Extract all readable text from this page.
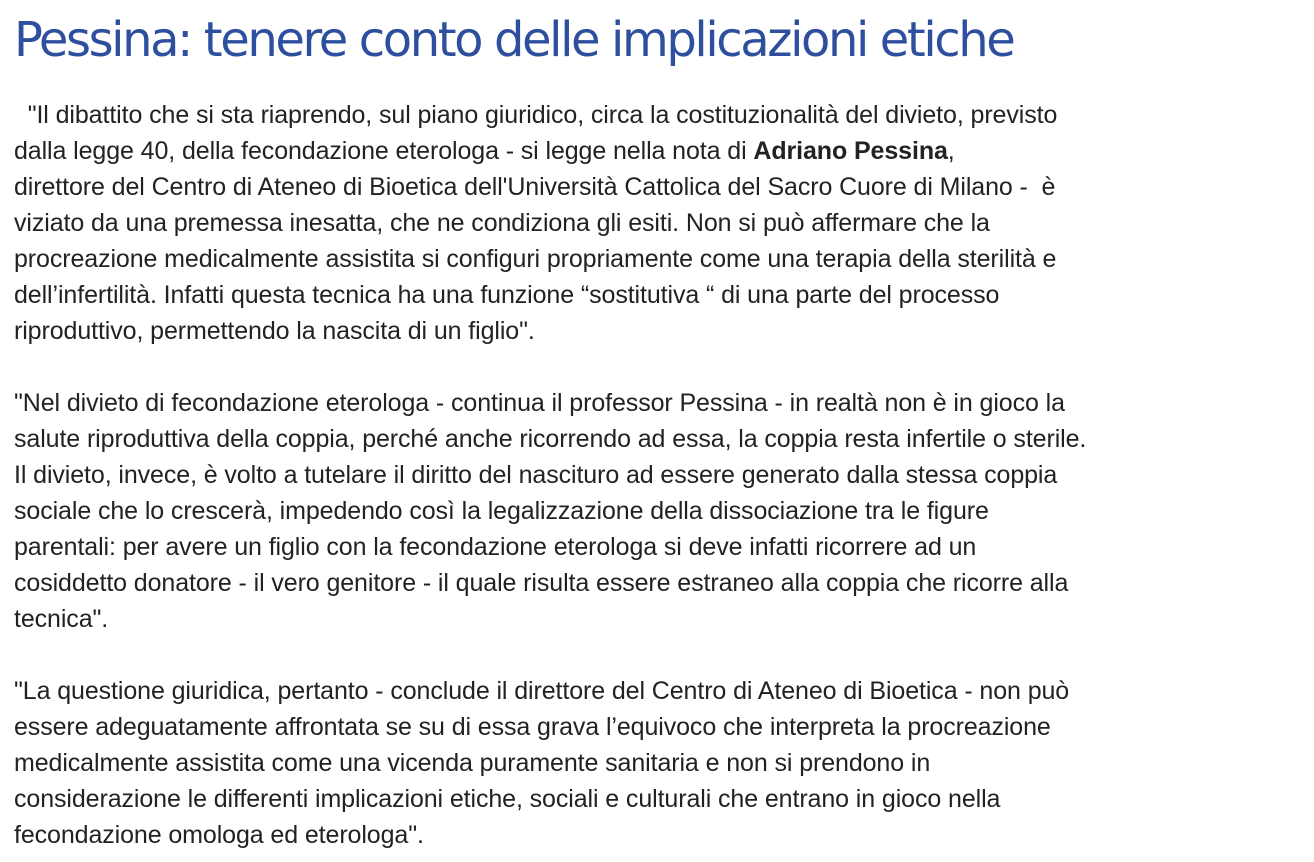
Pessina: tenere conto delle implicazioni etiche

"Il dibattito che si sta riaprendo, sul piano giuridico, circa la costituzionalità del divieto, previsto
dalla legge 40, della fecondazione eterologa - si legge nella nota di Adriano Pessina,
direttore del Centro di Ateneo di Bioetica dell'Università Cattolica del Sacro Cuore di Milano -  è
viziato da una premessa inesatta, che ne condiziona gli esiti. Non si può affermare che la
procreazione medicalmente assistita si configuri propriamente come una terapia della sterilità e
dell’infertilità. Infatti questa tecnica ha una funzione “sostitutiva “ di una parte del processo
riproduttivo, permettendo la nascita di un figlio".

"Nel divieto di fecondazione eterologa - continua il professor Pessina - in realtà non è in gioco la
salute riproduttiva della coppia, perché anche ricorrendo ad essa, la coppia resta infertile o sterile.
Il divieto, invece, è volto a tutelare il diritto del nascituro ad essere generato dalla stessa coppia
sociale che lo crescerà, impedendo così la legalizzazione della dissociazione tra le figure
parentali: per avere un figlio con la fecondazione eterologa si deve infatti ricorrere ad un
cosiddetto donatore - il vero genitore - il quale risulta essere estraneo alla coppia che ricorre alla
tecnica".

"La questione giuridica, pertanto - conclude il direttore del Centro di Ateneo di Bioetica - non può
essere adeguatamente affrontata se su di essa grava l’equivoco che interpreta la procreazione
medicalmente assistita come una vicenda puramente sanitaria e non si prendono in
considerazione le differenti implicazioni etiche, sociali e culturali che entrano in gioco nella
fecondazione omologa ed eterologa".
